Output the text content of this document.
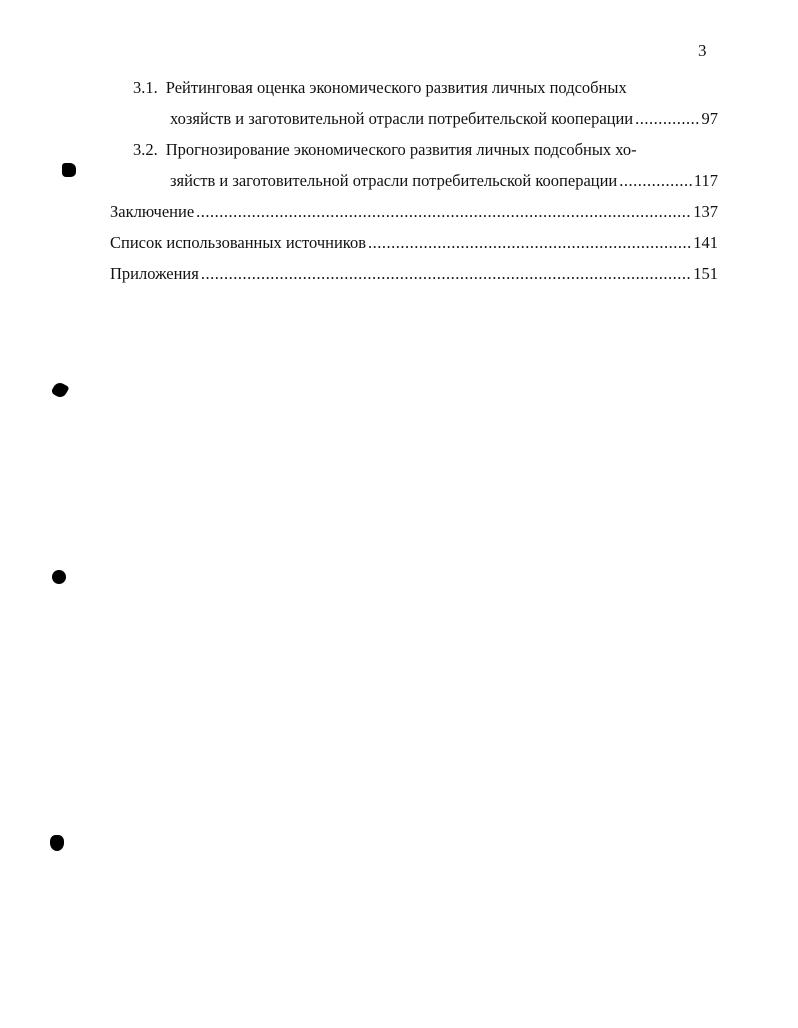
3
3.1. Рейтинговая оценка экономического развития личных подсобных
хозяйств и заготовительной отрасли потребительской кооперации .....	97
3.2. Прогнозирование экономического развития личных подсобных хо-
зяйств и заготовительной отрасли потребительской кооперации .....	117
Заключение .....	137
Список использованных источников .....	141
Приложения .....	151
